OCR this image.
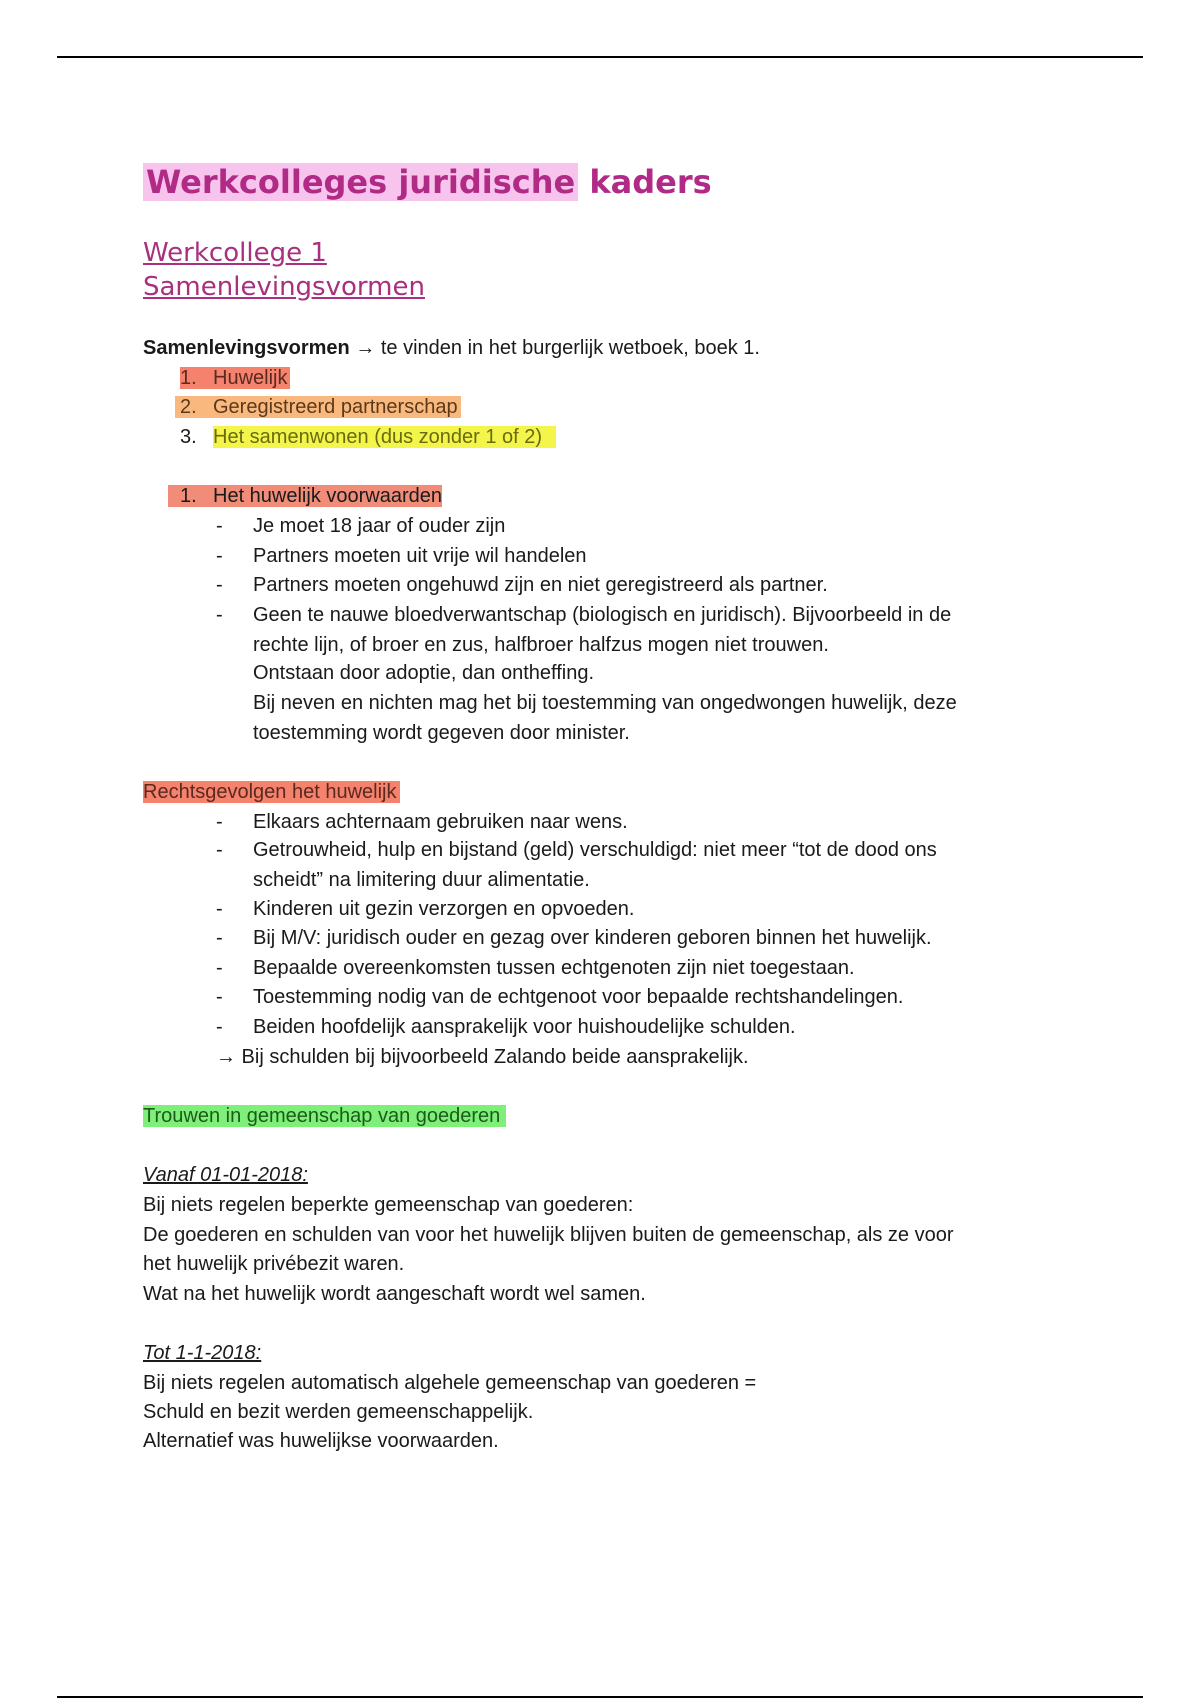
Werkcolleges juridische kaders
Werkcollege 1
Samenlevingsvormen
Samenlevingsvormen → te vinden in het burgerlijk wetboek, boek 1.
1. Huwelijk
2. Geregistreerd partnerschap
3. Het samenwonen (dus zonder 1 of 2)
1. Het huwelijk voorwaarden
- Je moet 18 jaar of ouder zijn
- Partners moeten uit vrije wil handelen
- Partners moeten ongehuwd zijn en niet geregistreerd als partner.
- Geen te nauwe bloedverwantschap (biologisch en juridisch). Bijvoorbeeld in de
rechte lijn, of broer en zus, halfbroer halfzus mogen niet trouwen.
Ontstaan door adoptie, dan ontheffing.
Bij neven en nichten mag het bij toestemming van ongedwongen huwelijk, deze
toestemming wordt gegeven door minister.
Rechtsgevolgen het huwelijk
- Elkaars achternaam gebruiken naar wens.
- Getrouwheid, hulp en bijstand (geld) verschuldigd: niet meer “tot de dood ons
scheidt” na limitering duur alimentatie.
- Kinderen uit gezin verzorgen en opvoeden.
- Bij M/V: juridisch ouder en gezag over kinderen geboren binnen het huwelijk.
- Bepaalde overeenkomsten tussen echtgenoten zijn niet toegestaan.
- Toestemming nodig van de echtgenoot voor bepaalde rechtshandelingen.
- Beiden hoofdelijk aansprakelijk voor huishoudelijke schulden.
→ Bij schulden bij bijvoorbeeld Zalando beide aansprakelijk.
Trouwen in gemeenschap van goederen
Vanaf 01-01-2018:
Bij niets regelen beperkte gemeenschap van goederen:
De goederen en schulden van voor het huwelijk blijven buiten de gemeenschap, als ze voor
het huwelijk privébezit waren.
Wat na het huwelijk wordt aangeschaft wordt wel samen.
Tot 1-1-2018:
Bij niets regelen automatisch algehele gemeenschap van goederen =
Schuld en bezit werden gemeenschappelijk.
Alternatief was huwelijkse voorwaarden.
